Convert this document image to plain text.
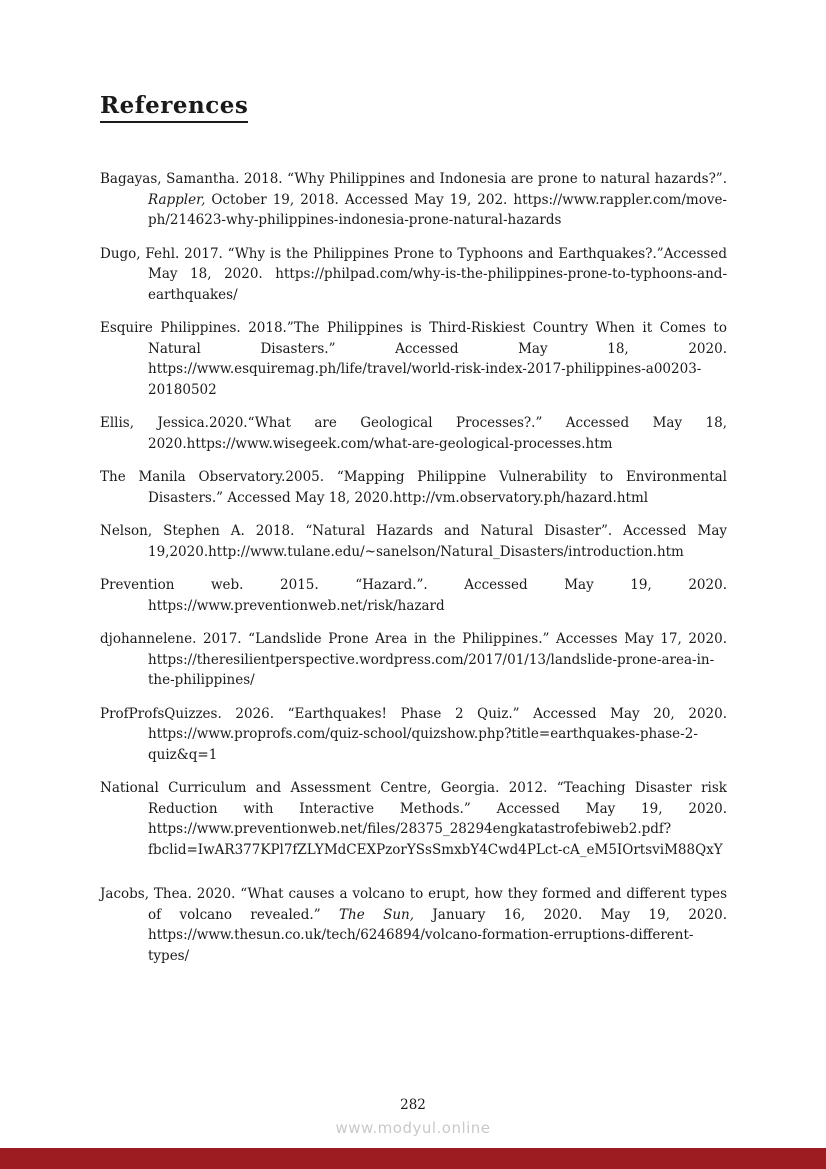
References

Bagayas, Samantha. 2018. “Why Philippines and Indonesia are prone to natural hazards?”. Rappler, October 19, 2018. Accessed May 19, 202. https://www.rappler.com/move-ph/214623-why-philippines-indonesia-prone-natural-hazards

Dugo, Fehl. 2017. “Why is the Philippines Prone to Typhoons and Earthquakes?.”Accessed May 18, 2020. https://philpad.com/why-is-the-philippines-prone-to-typhoons-and-earthquakes/

Esquire Philippines. 2018.”The Philippines is Third-Riskiest Country When it Comes to Natural Disasters.” Accessed May 18, 2020. https://www.esquiremag.ph/life/travel/world-risk-index-2017-philippines-a00203-20180502

Ellis, Jessica.2020.“What are Geological Processes?.” Accessed May 18, 2020.https://www.wisegeek.com/what-are-geological-processes.htm

The Manila Observatory.2005. “Mapping Philippine Vulnerability to Environmental Disasters.” Accessed May 18, 2020.http://vm.observatory.ph/hazard.html

Nelson, Stephen A. 2018. “Natural Hazards and Natural Disaster”. Accessed May 19,2020.http://www.tulane.edu/~sanelson/Natural_Disasters/introduction.htm

Prevention web. 2015. “Hazard.”. Accessed May 19, 2020. https://www.preventionweb.net/risk/hazard

djohannelene. 2017. “Landslide Prone Area in the Philippines.” Accesses May 17, 2020. https://theresilientperspective.wordpress.com/2017/01/13/landslide-prone-area-in-the-philippines/

ProfProfsQuizzes. 2026. “Earthquakes! Phase 2 Quiz.” Accessed May 20, 2020. https://www.proprofs.com/quiz-school/quizshow.php?title=earthquakes-phase-2-quiz&q=1

National Curriculum and Assessment Centre, Georgia. 2012. “Teaching Disaster risk Reduction with Interactive Methods.” Accessed May 19, 2020. https://www.preventionweb.net/files/28375_28294engkatastrofebiweb2.pdf?fbclid=IwAR377KPl7fZLYMdCEXPzorYSsSmxbY4Cwd4PLct-cA_eM5IOrtsviM88QxY

Jacobs, Thea. 2020. “What causes a volcano to erupt, how they formed and different types of volcano revealed.” The Sun, January 16, 2020. May 19, 2020. https://www.thesun.co.uk/tech/6246894/volcano-formation-erruptions-different-types/

282
www.modyul.online
